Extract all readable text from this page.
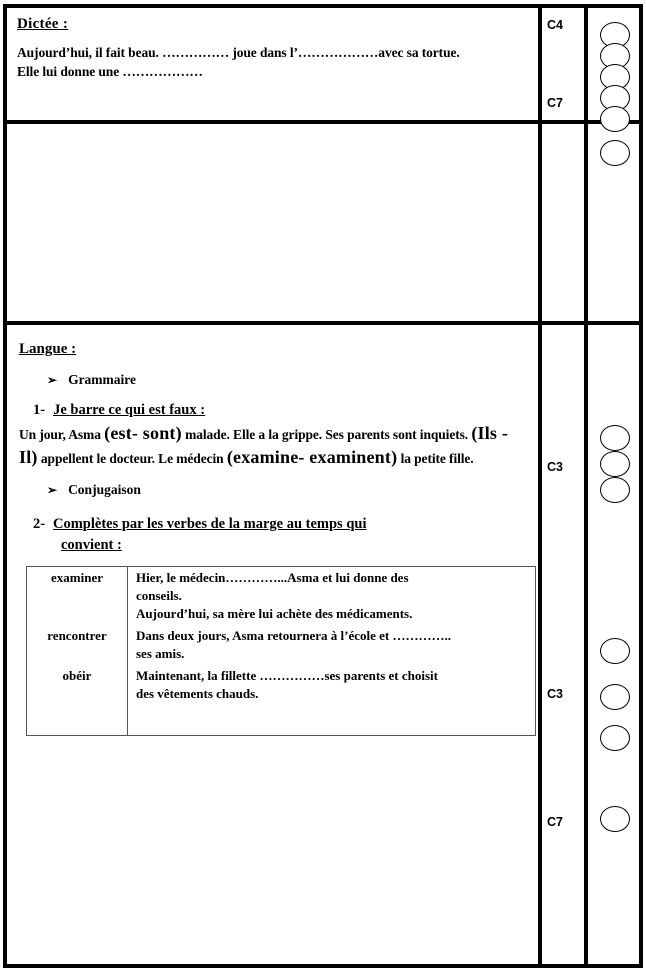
Dictée :
Aujourd’hui, il fait beau. …………… joue dans l’………………avec sa tortue.
Elle lui donne une ………………
C4
C7
Langue :
➢ Grammaire
1- Je barre ce qui est faux :
Un jour, Asma (est- sont) malade. Elle a la grippe. Ses parents sont inquiets. (Ils - Il) appellent le docteur. Le médecin (examine- examinent) la petite fille.
➢ Conjugaison
2- Complètes par les verbes de la marge au temps qui
convient :
examiner	Hier, le médecin…………...Asma et lui donne des
conseils.
Aujourd’hui, sa mère lui achète des médicaments.

rencontrer	Dans deux jours, Asma retournera à l’école et …………..
ses amis.

obéir	Maintenant, la fillette ……………ses parents et choisit
des vêtements chauds.

C3
C3
C7
